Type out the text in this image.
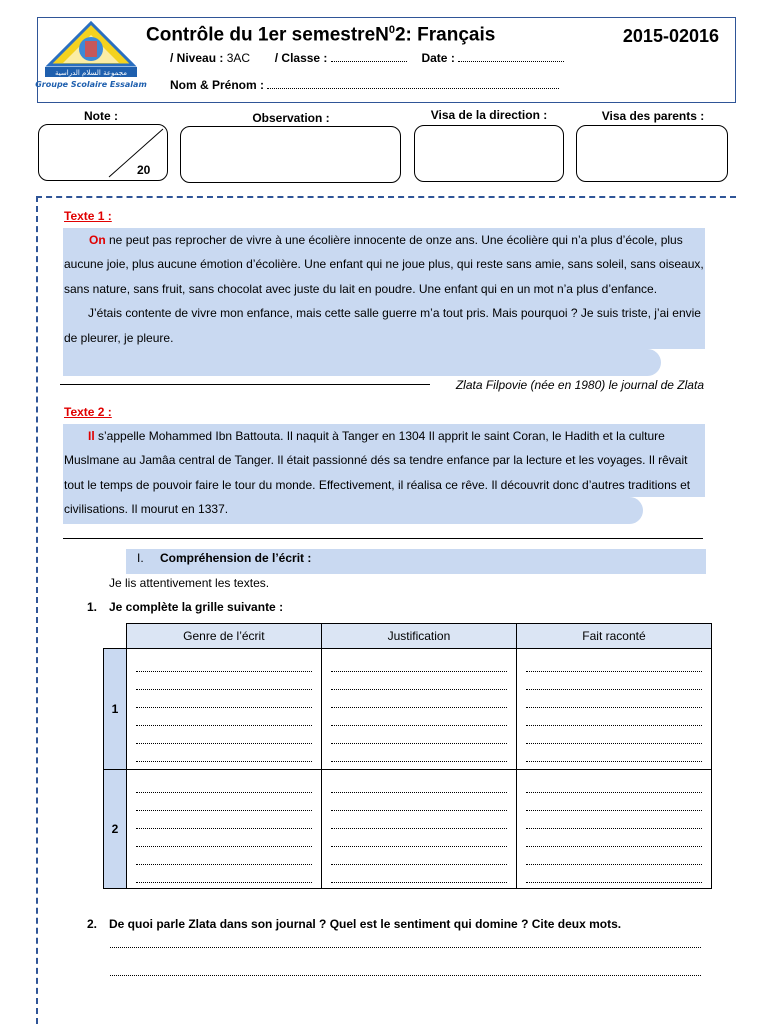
مجموعة السلام الدراسية
Groupe Scolaire Essalam
Contrôle du 1er semestreN$^0$2: Français	2015-02016
/ Niveau : 3AC / Classe :	Date :
Nom & Prénom :
Note :	Observation :	Visa de la direction :	Visa des parents :
20
Texte 1 :

On ne peut pas reprocher de vivre à une écolière innocente de onze ans. Une écolière qui n’a plus d’école, plus aucune joie, plus aucune émotion d’écolière. Une enfant qui ne joue plus, qui reste sans amie, sans soleil, sans oiseaux, sans nature, sans fruit, sans chocolat avec juste du lait en poudre. Une enfant qui en un mot n’a plus d’enfance.

J’étais contente de vivre mon enfance, mais cette salle guerre m’a tout pris. Mais pourquoi ? Je suis triste, j’ai envie de pleurer, je pleure.

Zlata Filpovie (née en 1980) le journal de Zlata
Texte 2 :

Il s’appelle Mohammed Ibn Battouta. Il naquit à Tanger en 1304 Il apprit le saint Coran, le Hadith et la culture Muslmane au Jamâa central de Tanger. Il était passionné dés sa tendre enfance par la lecture et les voyages. Il rêvait tout le temps de pouvoir faire le tour du monde. Effectivement, il réalisa ce rêve. Il découvrit donc d’autres traditions et civilisations. Il mourut en 1337.

I. Compréhension de l’écrit :
Je lis attentivement les textes.
1. Je complète la grille suivante :
	Genre de l’écrit	Justification	Fait raconté
1	

2	

2. De quoi parle Zlata dans son journal ? Quel est le sentiment qui domine ? Cite deux mots.
